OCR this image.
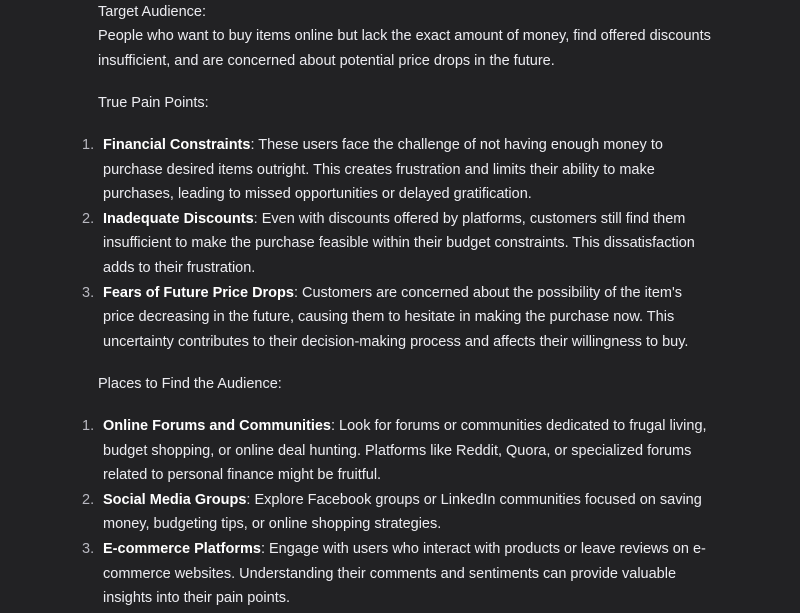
Target Audience:

People who want to buy items online but lack the exact amount of money, find offered discounts insufficient, and are concerned about potential price drops in the future.

True Pain Points:

1. Financial Constraints: These users face the challenge of not having enough money to purchase desired items outright. This creates frustration and limits their ability to make purchases, leading to missed opportunities or delayed gratification.
2. Inadequate Discounts: Even with discounts offered by platforms, customers still find them insufficient to make the purchase feasible within their budget constraints. This dissatisfaction adds to their frustration.
3. Fears of Future Price Drops: Customers are concerned about the possibility of the item's price decreasing in the future, causing them to hesitate in making the purchase now. This uncertainty contributes to their decision-making process and affects their willingness to buy.

Places to Find the Audience:

1. Online Forums and Communities: Look for forums or communities dedicated to frugal living, budget shopping, or online deal hunting. Platforms like Reddit, Quora, or specialized forums related to personal finance might be fruitful.
2. Social Media Groups: Explore Facebook groups or LinkedIn communities focused on saving money, budgeting tips, or online shopping strategies.
3. E-commerce Platforms: Engage with users who interact with products or leave reviews on e-commerce websites. Understanding their comments and sentiments can provide valuable insights into their pain points.
